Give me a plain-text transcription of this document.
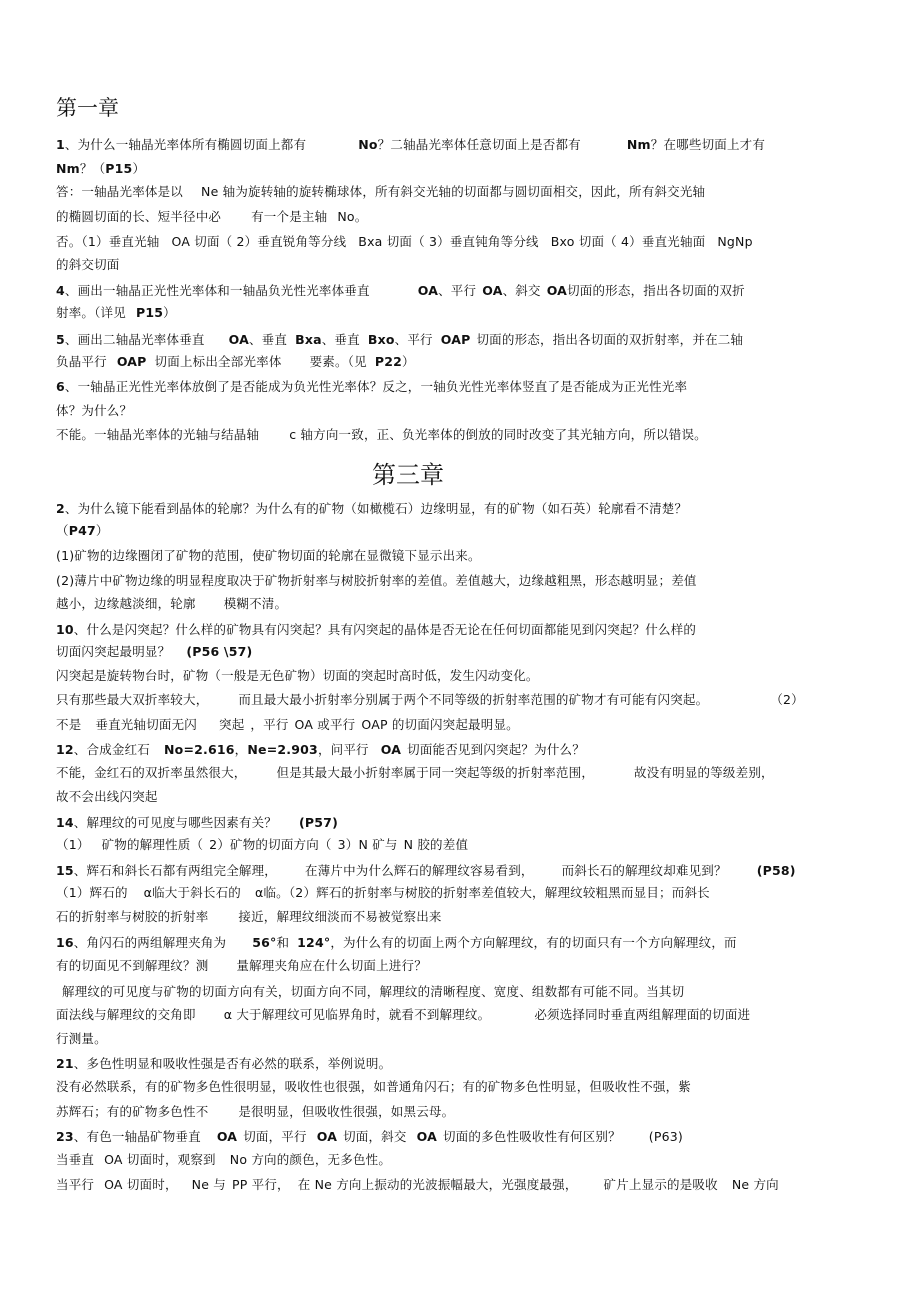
第一章
1、为什么一轴晶光率体所有椭圆切面上都有	No？二轴晶光率体任意切面上是否都有	Nm？在哪些切面上才有
Nm？（P15）
答：一轴晶光率体是以 Ne 轴为旋转轴的旋转椭球体，所有斜交光轴的切面都与圆切面相交，因此，所有斜交光轴
的椭圆切面的长、短半径中必 有一个是主轴 No。
否。（1）垂直光轴 OA 切面（ 2）垂直锐角等分线 Bxa 切面（ 3）垂直钝角等分线 Bxo 切面（ 4）垂直光轴面 NgNp
的斜交切面
4、画出一轴晶正光性光率体和一轴晶负光性光率体垂直	OA、平行 OA、斜交 OA切面的形态，指出各切面的双折
射率。（详见 P15）
5、画出二轴晶光率体垂直 OA、垂直 Bxa、垂直 Bxo、平行 OAP 切面的形态，指出各切面的双折射率，并在二轴
负晶平行 OAP 切面上标出全部光率体 要素。（见 P22）
6、一轴晶正光性光率体放倒了是否能成为负光性光率体？反之，一轴负光性光率体竖直了是否能成为正光性光率
体？为什么？
不能。一轴晶光率体的光轴与结晶轴 c 轴方向一致，正、负光率体的倒放的同时改变了其光轴方向，所以错误。
第三章
2、为什么镜下能看到晶体的轮廓？为什么有的矿物（如橄榄石）边缘明显，有的矿物（如石英）轮廓看不清楚？
（P47）
(1)矿物的边缘圈闭了矿物的范围，使矿物切面的轮廓在显微镜下显示出来。
(2)薄片中矿物边缘的明显程度取决于矿物折射率与树胶折射率的差值。差值越大，边缘越粗黑，形态越明显；差值
越小，边缘越淡细，轮廓 模糊不清。
10、什么是闪突起？什么样的矿物具有闪突起？具有闪突起的晶体是否无论在任何切面都能见到闪突起？什么样的
切面闪突起最明显？ (P56 \57)
闪突起是旋转物台时，矿物（一般是无色矿物）切面的突起时高时低，发生闪动变化。
只有那些最大双折率较大， 而且最大最小折射率分别属于两个不同等级的折射率范围的矿物才有可能有闪突起。	（2）
不是 垂直光轴切面无闪 突起 ，平行 OA 或平行 OAP 的切面闪突起最明显。
12、合成金红石 No=2.616，Ne=2.903，问平行 OA 切面能否见到闪突起？为什么？
不能，金红石的双折率虽然很大， 但是其最大最小折射率属于同一突起等级的折射率范围，	故没有明显的等级差别，
故不会出线闪突起
14、解理纹的可见度与哪些因素有关？ (P57)
（1） 矿物的解理性质（ 2）矿物的切面方向（ 3）N 矿与 N 胶的差值
15、辉石和斜长石都有两组完全解理， 在薄片中为什么辉石的解理纹容易看到， 而斜长石的解理纹却难见到？ (P58)
（1）辉石的 α临大于斜长石的 α临。（2）辉石的折射率与树胶的折射率差值较大，解理纹较粗黑而显目；而斜长
石的折射率与树胶的折射率 接近，解理纹细淡而不易被觉察出来
16、角闪石的两组解理夹角为 56°和 124°，为什么有的切面上两个方向解理纹，有的切面只有一个方向解理纹，而
有的切面见不到解理纹？测 量解理夹角应在什么切面上进行？
解理纹的可见度与矿物的切面方向有关，切面方向不同，解理纹的清晰程度、宽度、组数都有可能不同。当其切
面法线与解理纹的交角即 α 大于解理纹可见临界角时，就看不到解理纹。	必须选择同时垂直两组解理面的切面进
行测量。
21、多色性明显和吸收性强是否有必然的联系，举例说明。
没有必然联系，有的矿物多色性很明显，吸收性也很强，如普通角闪石；有的矿物多色性明显，但吸收性不强，紫
苏辉石；有的矿物多色性不 是很明显，但吸收性很强，如黑云母。
23、有色一轴晶矿物垂直 OA 切面，平行 OA 切面，斜交 OA 切面的多色性吸收性有何区别？ (P63)
当垂直 OA 切面时，观察到 No 方向的颜色，无多色性。
当平行 OA 切面时， Ne 与 PP 平行， 在 Ne 方向上振动的光波振幅最大，光强度最强， 矿片上显示的是吸收 Ne 方向
